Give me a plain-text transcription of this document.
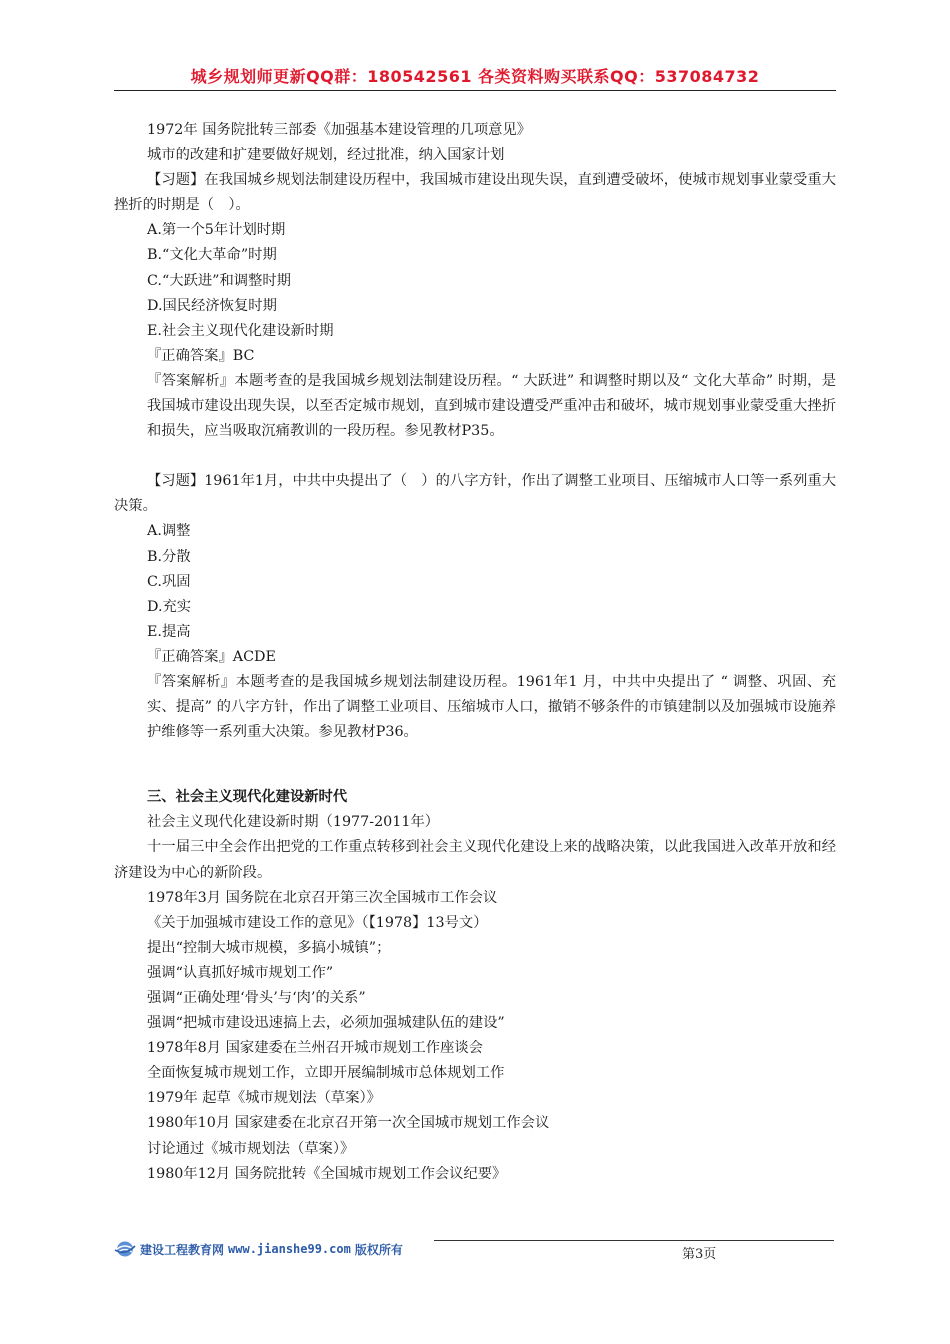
城乡规划师更新QQ群：180542561 各类资料购买联系QQ：537084732

1972年 国务院批转三部委《加强基本建设管理的几项意见》

城市的改建和扩建要做好规划，经过批准，纳入国家计划

【习题】在我国城乡规划法制建设历程中，我国城市建设出现失误，直到遭受破坏，使城市规划事业蒙受重大挫折的时期是（　）。

A.第一个5年计划时期

B.“文化大革命”时期

C.“大跃进”和调整时期

D.国民经济恢复时期

E.社会主义现代化建设新时期

『正确答案』BC

『答案解析』本题考查的是我国城乡规划法制建设历程。“ 大跃进” 和调整时期以及“ 文化大革命” 时期，是我国城市建设出现失误，以至否定城市规划，直到城市建设遭受严重冲击和破坏，城市规划事业蒙受重大挫折和损失，应当吸取沉痛教训的一段历程。参见教材P35。

【习题】1961年1月，中共中央提出了（　）的八字方针，作出了调整工业项目、压缩城市人口等一系列重大决策。

A.调整

B.分散

C.巩固

D.充实

E.提高

『正确答案』ACDE

『答案解析』本题考查的是我国城乡规划法制建设历程。1961年1 月，中共中央提出了 “ 调整、巩固、充实、提高” 的八字方针，作出了调整工业项目、压缩城市人口，撤销不够条件的市镇建制以及加强城市设施养护维修等一系列重大决策。参见教材P36。

三、社会主义现代化建设新时代

社会主义现代化建设新时期（1977-2011年）

十一届三中全会作出把党的工作重点转移到社会主义现代化建设上来的战略决策，以此我国进入改革开放和经济建设为中心的新阶段。

1978年3月 国务院在北京召开第三次全国城市工作会议

《关于加强城市建设工作的意见》（【1978】13号文）

提出“控制大城市规模，多搞小城镇”；

强调“认真抓好城市规划工作”

强调“正确处理‘骨头’与‘肉’的关系”

强调“把城市建设迅速搞上去，必须加强城建队伍的建设”

1978年8月 国家建委在兰州召开城市规划工作座谈会

全面恢复城市规划工作，立即开展编制城市总体规划工作

1979年 起草《城市规划法（草案）》

1980年10月 国家建委在北京召开第一次全国城市规划工作会议

讨论通过《城市规划法（草案）》

1980年12月 国务院批转《全国城市规划工作会议纪要》

建设工程教育网 www.jianshe99.com 版权所有	第3页
